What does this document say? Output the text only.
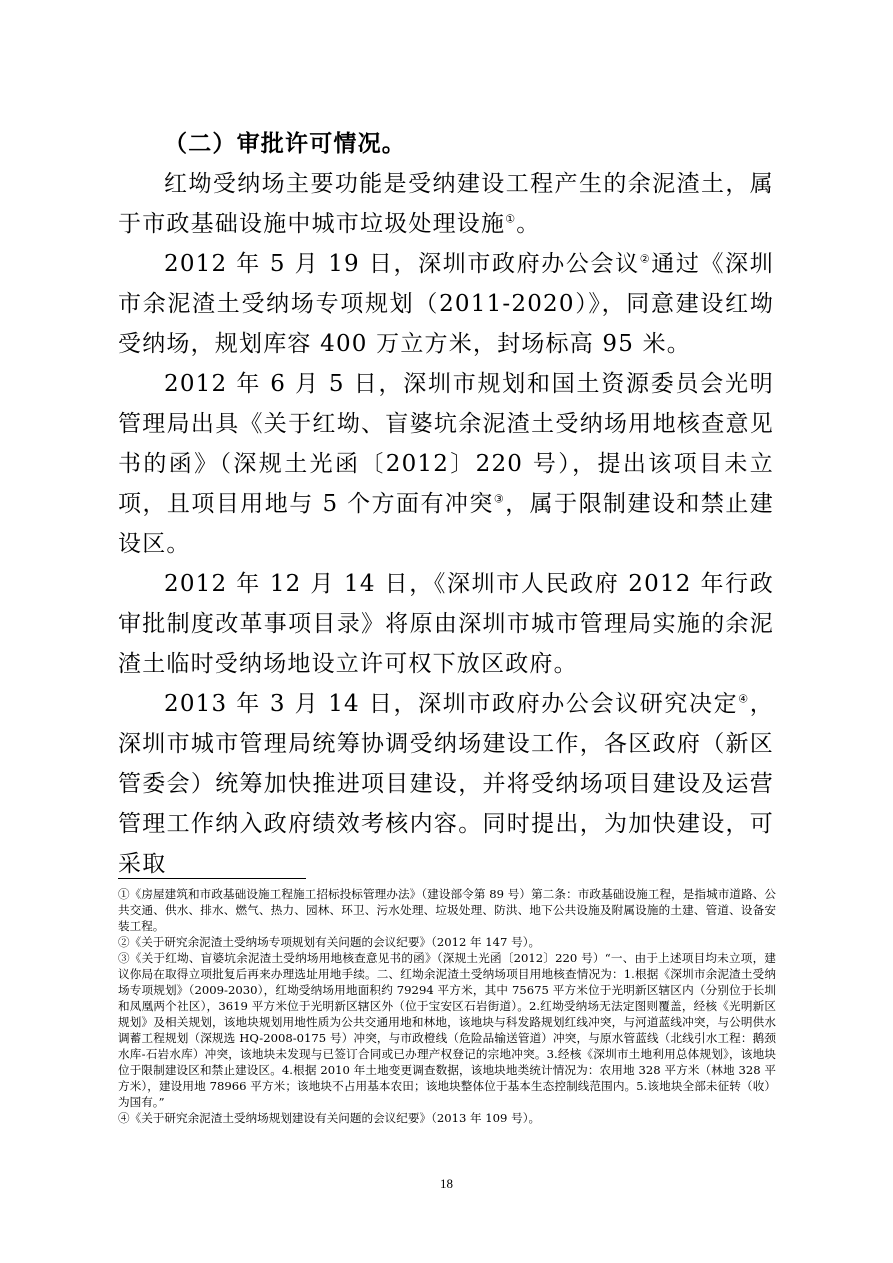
（二）审批许可情况。

红坳受纳场主要功能是受纳建设工程产生的余泥渣土，属于市政基础设施中城市垃圾处理设施①。

2012 年 5 月 19 日，深圳市政府办公会议②通过《深圳市余泥渣土受纳场专项规划（2011-2020）》，同意建设红坳受纳场，规划库容 400 万立方米，封场标高 95 米。

2012 年 6 月 5 日，深圳市规划和国土资源委员会光明管理局出具《关于红坳、盲婆坑余泥渣土受纳场用地核查意见书的函》（深规土光函〔2012〕220 号），提出该项目未立项，且项目用地与 5 个方面有冲突③，属于限制建设和禁止建设区。

2012 年 12 月 14 日，《深圳市人民政府 2012 年行政审批制度改革事项目录》将原由深圳市城市管理局实施的余泥渣土临时受纳场地设立许可权下放区政府。

2013 年 3 月 14 日，深圳市政府办公会议研究决定④，深圳市城市管理局统筹协调受纳场建设工作，各区政府（新区管委会）统筹加快推进项目建设，并将受纳场项目建设及运营管理工作纳入政府绩效考核内容。同时提出，为加快建设，可采取

①《房屋建筑和市政基础设施工程施工招标投标管理办法》（建设部令第 89 号）第二条：市政基础设施工程，是指城市道路、公共交通、供水、排水、燃气、热力、园林、环卫、污水处理、垃圾处理、防洪、地下公共设施及附属设施的土建、管道、设备安装工程。

②《关于研究余泥渣土受纳场专项规划有关问题的会议纪要》（2012 年 147 号）。

③《关于红坳、盲婆坑余泥渣土受纳场用地核查意见书的函》（深规土光函〔2012〕220 号）“一、由于上述项目均未立项，建议你局在取得立项批复后再来办理选址用地手续。二、红坳余泥渣土受纳场项目用地核查情况为：1.根据《深圳市余泥渣土受纳场专项规划》（2009-2030），红坳受纳场用地面积约 79294 平方米，其中 75675 平方米位于光明新区辖区内（分别位于长圳和凤凰两个社区），3619 平方米位于光明新区辖区外（位于宝安区石岩街道）。2.红坳受纳场无法定图则覆盖，经核《光明新区规划》及相关规划，该地块规划用地性质为公共交通用地和林地，该地块与科发路规划红线冲突，与河道蓝线冲突，与公明供水调蓄工程规划（深规选 HQ-2008-0175 号）冲突，与市政橙线（危险品输送管道）冲突，与原水管蓝线（北线引水工程：鹅颈水库-石岩水库）冲突，该地块未发现与已签订合同或已办理产权登记的宗地冲突。3.经核《深圳市土地利用总体规划》，该地块位于限制建设区和禁止建设区。4.根据 2010 年土地变更调查数据，该地块地类统计情况为：农用地 328 平方米（林地 328 平方米），建设用地 78966 平方米；该地块不占用基本农田；该地块整体位于基本生态控制线范围内。5.该地块全部未征转（收）为国有。”

④《关于研究余泥渣土受纳场规划建设有关问题的会议纪要》（2013 年 109 号）。

18
